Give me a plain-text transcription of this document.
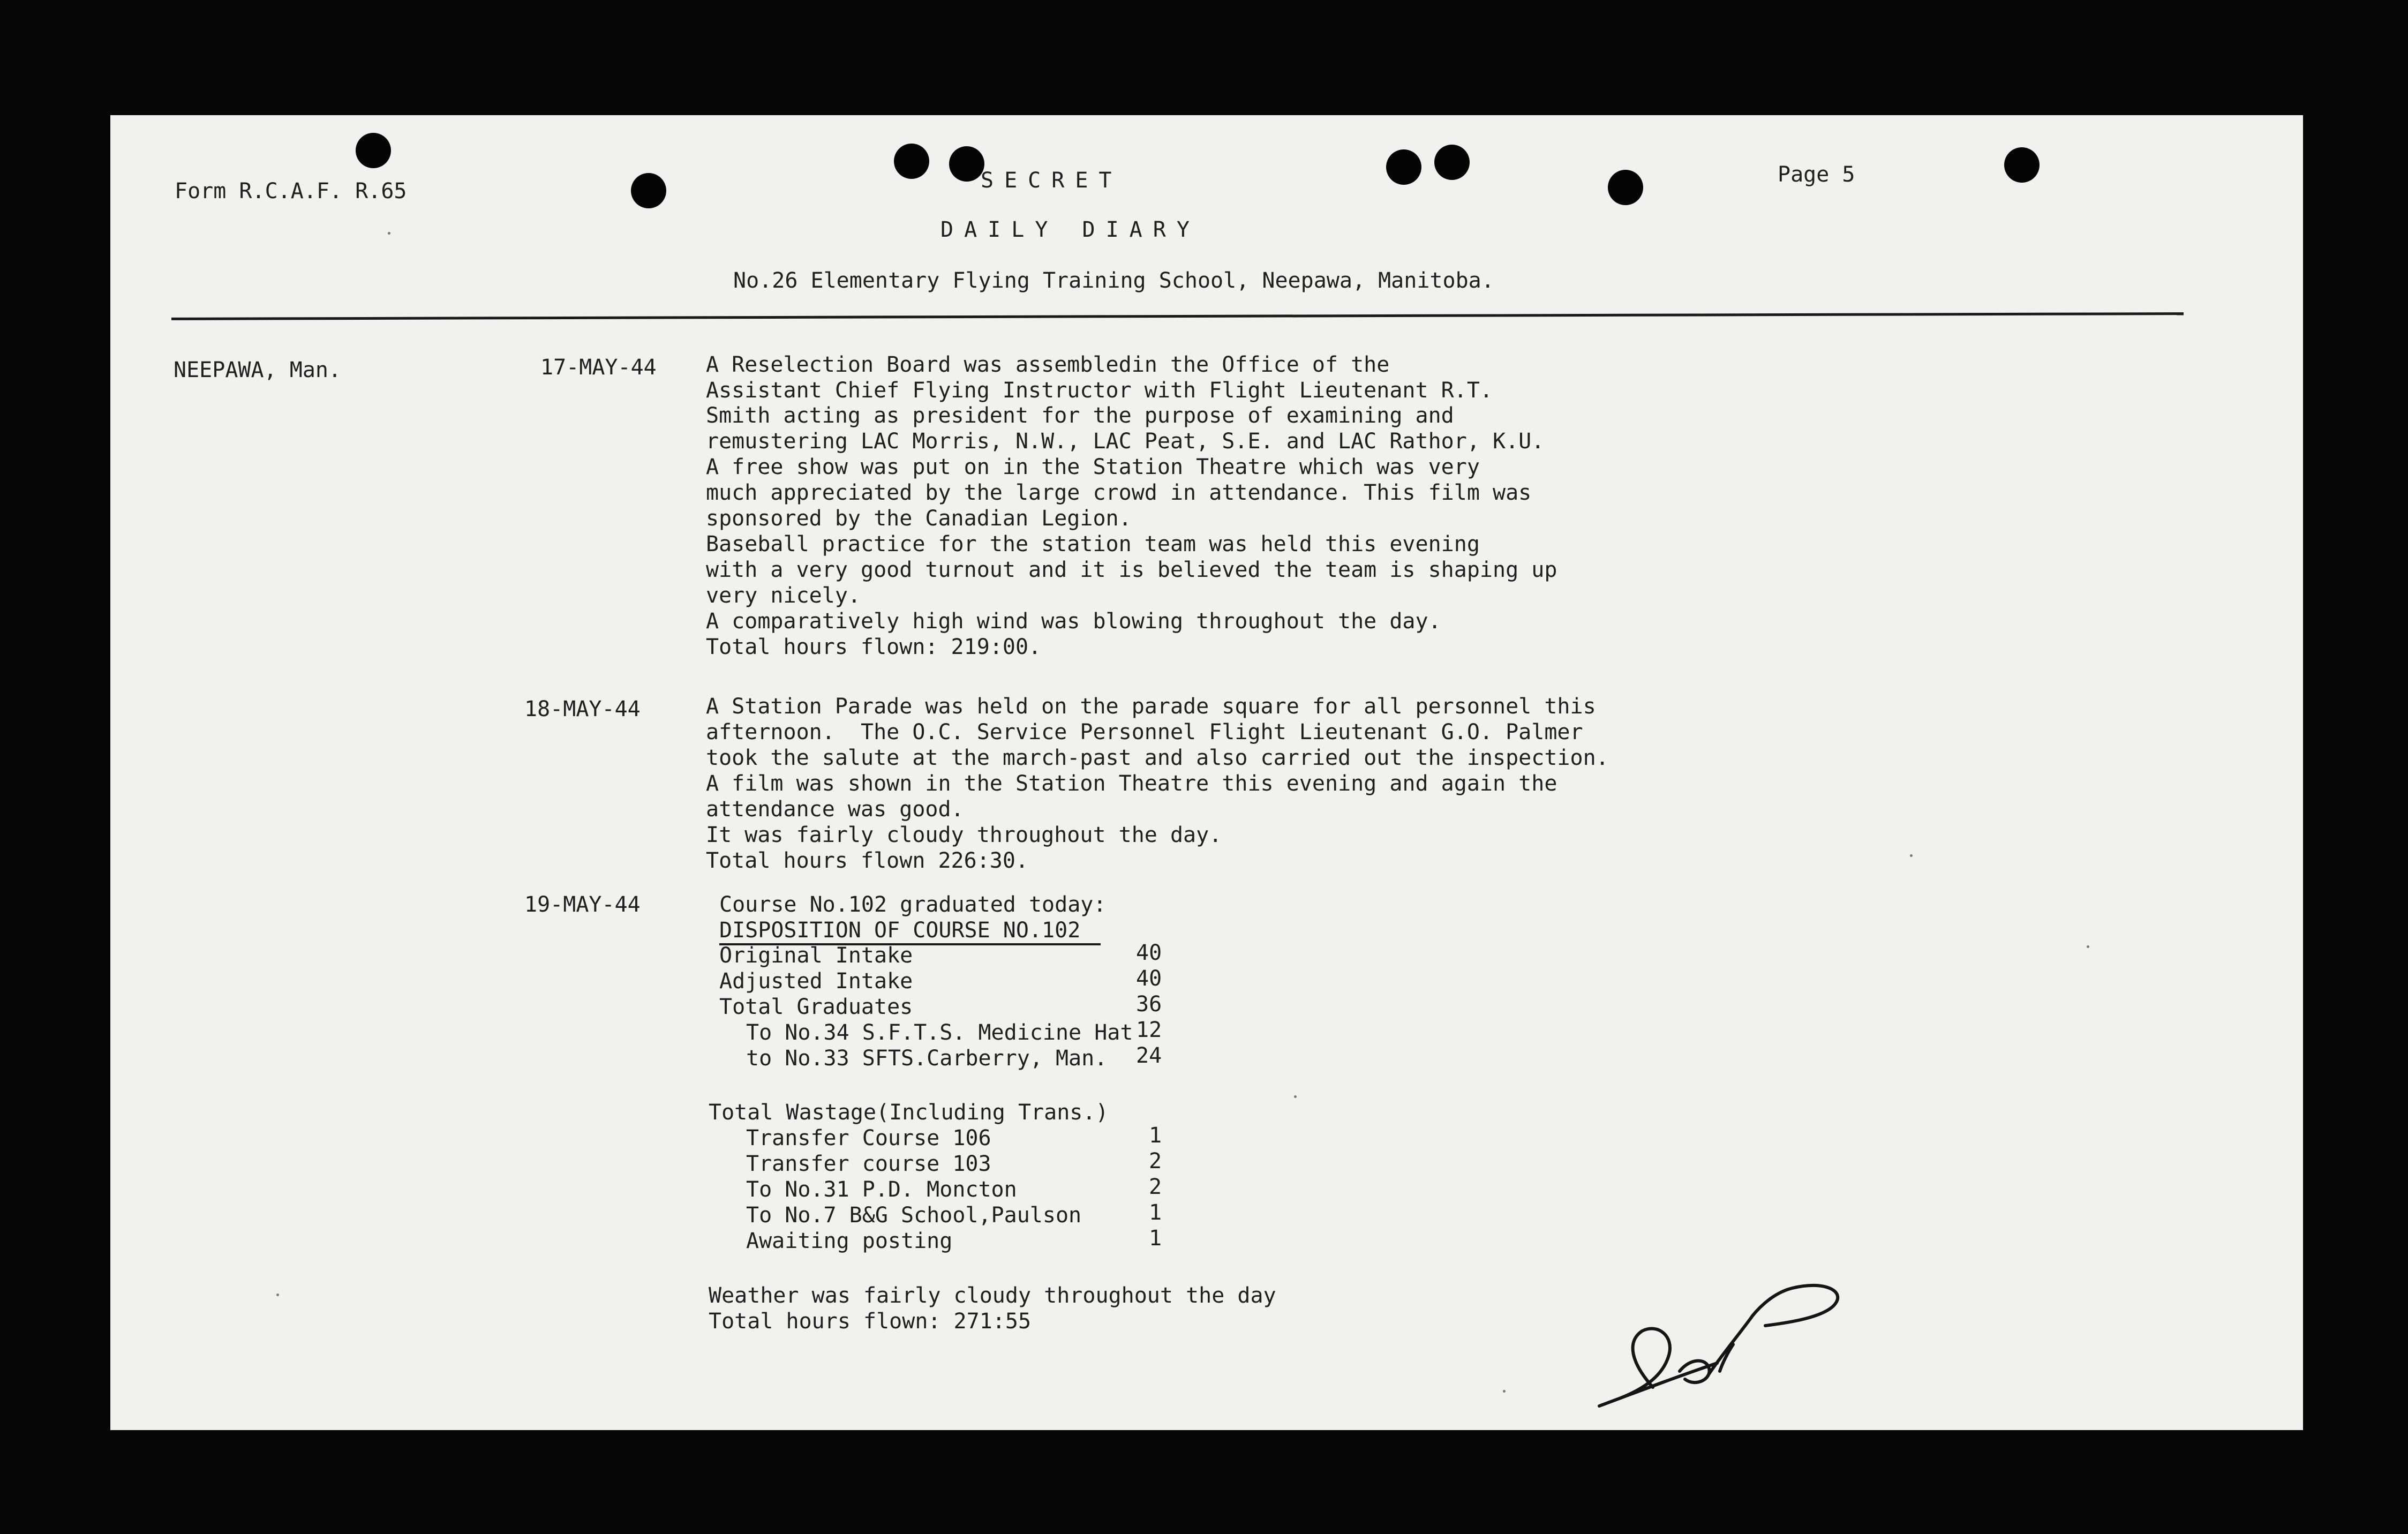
Form R.C.A.F. R.65	SECRET	Page 5
DAILY DIARY
No.26 Elementary Flying Training School, Neepawa, Manitoba.
NEEPAWA, Man.	17-MAY-44 A Reselection Board was assembledin the Office of the
Assistant Chief Flying Instructor with Flight Lieutenant R.T.
Smith acting as president for the purpose of examining and
remustering LAC Morris, N.W., LAC Peat, S.E. and LAC Rathor, K.U.
A free show was put on in the Station Theatre which was very
much appreciated by the large crowd in attendance. This film was
sponsored by the Canadian Legion.
Baseball practice for the station team was held this evening
with a very good turnout and it is believed the team is shaping up
very nicely.
A comparatively high wind was blowing throughout the day.
Total hours flown: 219:00.
18-MAY-44	A Station Parade was held on the parade square for all personnel this
afternoon.  The O.C. Service Personnel Flight Lieutenant G.O. Palmer
took the salute at the march-past and also carried out the inspection.
A film was shown in the Station Theatre this evening and again the
attendance was good.
It was fairly cloudy throughout the day.
Total hours flown 226:30.
19-MAY-44	Course No.102 graduated today:
DISPOSITION OF COURSE NO.102
Original Intake	40
Adjusted Intake	40
Total Graduates	36
To No.34 S.F.T.S. Medicine Hat 12
to No.33 SFTS.Carberry, Man. 24
Total Wastage(Including Trans.)
Transfer Course 106	1
Transfer course 103	2
To No.31 P.D. Moncton	2
To No.7 B&G School,Paulson	1
Awaiting posting	1
Weather was fairly cloudy throughout the day
Total hours flown: 271:55
